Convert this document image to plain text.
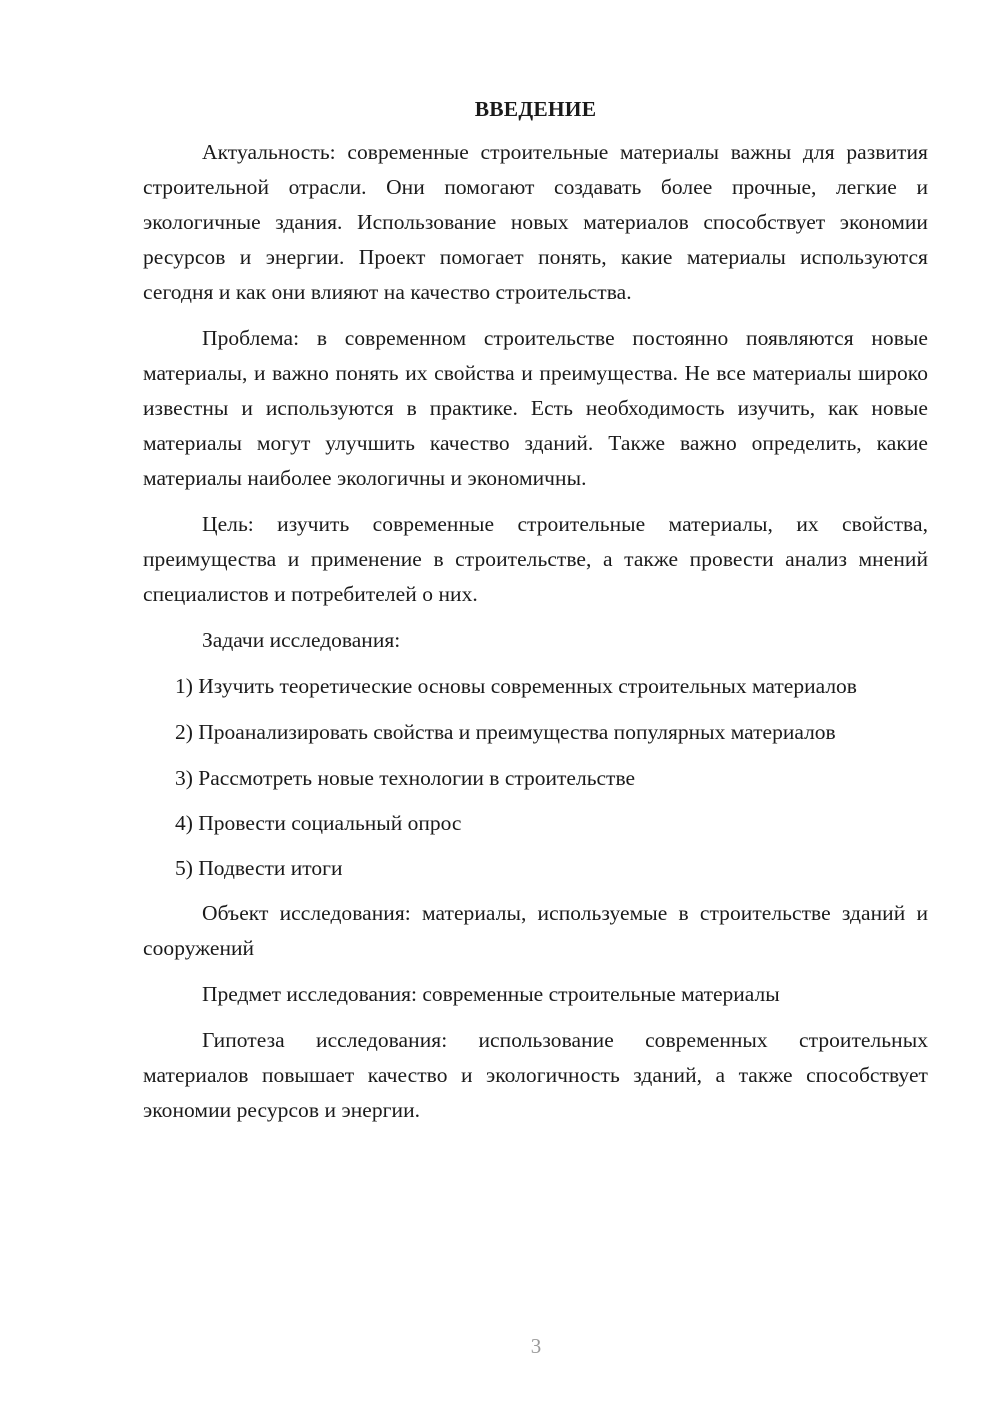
ВВЕДЕНИЕ

Актуальность: современные строительные материалы важны для развития строительной отрасли. Они помогают создавать более прочные, легкие и экологичные здания. Использование новых материалов способствует экономии ресурсов и энергии. Проект помогает понять, какие материалы используются сегодня и как они влияют на качество строительства.

Проблема: в современном строительстве постоянно появляются новые материалы, и важно понять их свойства и преимущества. Не все материалы широко известны и используются в практике. Есть необходимость изучить, как новые материалы могут улучшить качество зданий. Также важно определить, какие материалы наиболее экологичны и экономичны.

Цель: изучить современные строительные материалы, их свойства, преимущества и применение в строительстве, а также провести анализ мнений специалистов и потребителей о них.

Задачи исследования:

1) Изучить теоретические основы современных строительных материалов

2) Проанализировать свойства и преимущества популярных материалов

3) Рассмотреть новые технологии в строительстве

4) Провести социальный опрос

5) Подвести итоги

Объект исследования: материалы, используемые в строительстве зданий и сооружений

Предмет исследования: современные строительные материалы

Гипотеза исследования: использование современных строительных материалов повышает качество и экологичность зданий, а также способствует экономии ресурсов и энергии.

3
